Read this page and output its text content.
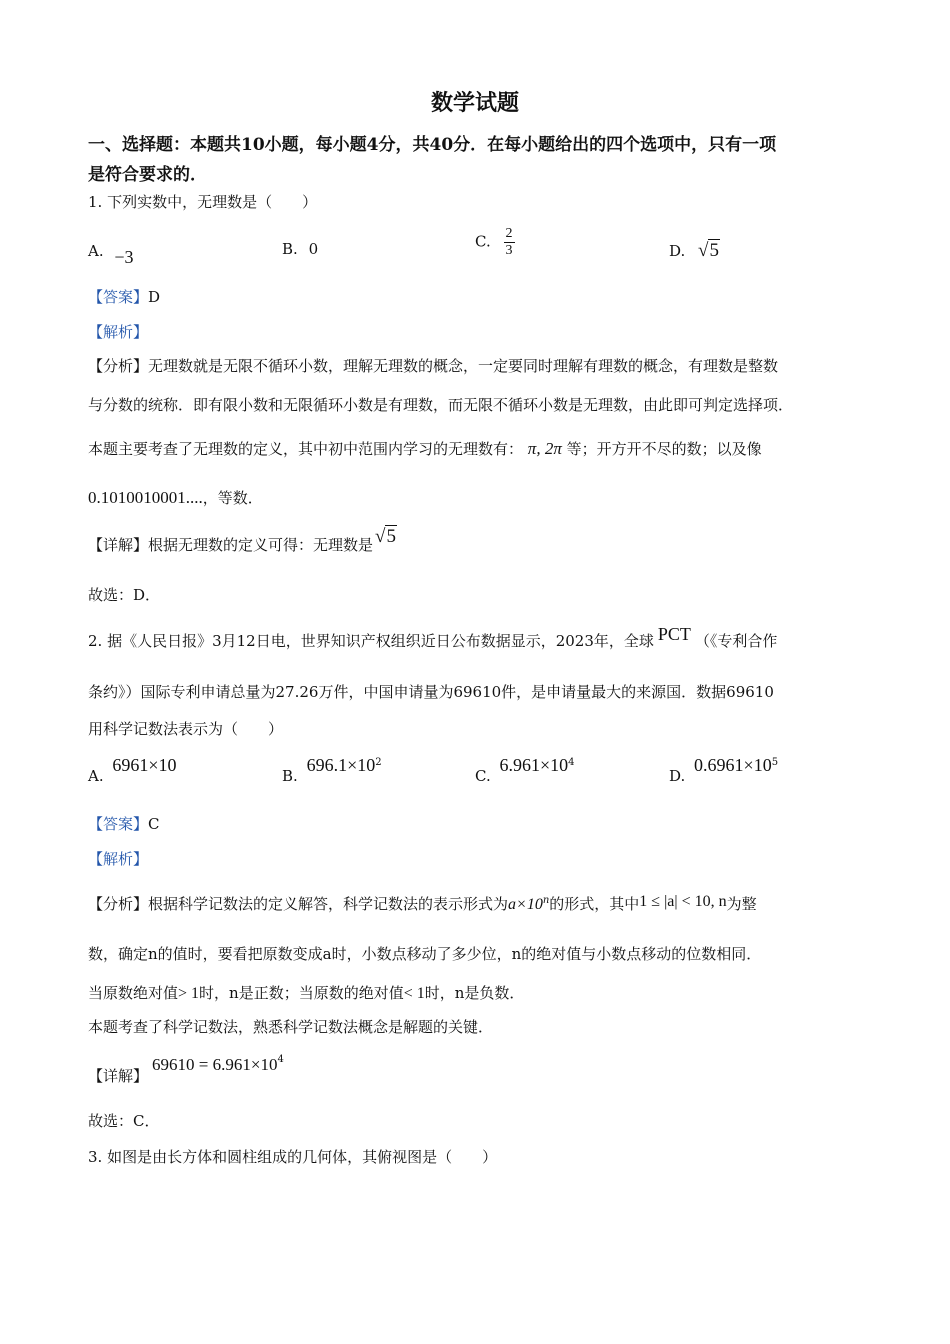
数学试题
一、选择题：本题共10小题，每小题4分，共40分．在每小题给出的四个选项中，只有一项
是符合要求的．
1. 下列实数中，无理数是（　　）
A. −3	B. 0	C. $\frac{2}{3}$	D. √5
【答案】D
【解析】
【分析】无理数就是无限不循环小数，理解无理数的概念，一定要同时理解有理数的概念，有理数是整数
与分数的统称．即有限小数和无限循环小数是有理数，而无限不循环小数是无理数，由此即可判定选择项．
本题主要考查了无理数的定义，其中初中范围内学习的无理数有： π, 2π 等；开方开不尽的数；以及像
0.1010010001....，等数．
【详解】根据无理数的定义可得：无理数是 √5
故选：D．
2. 据《人民日报》3月12日电，世界知识产权组织近日公布数据显示，2023年，全球 PCT （《专利合作
条约》）国际专利申请总量为27.26万件，中国申请量为69610件，是申请量最大的来源国．数据69610
用科学记数法表示为（　　）
A. 6961×10
B. $696.1\times 10^2$
C. $6.961\times 10^4$
D. $0.6961\times 10^5$
【答案】C
【解析】
【分析】根据科学记数法的定义解答，科学记数法的表示形式为$a\times 10^n$的形式，其中1 ≤ |a| < 10, n为整
数，确定n的值时，要看把原数变成a时，小数点移动了多少位，n的绝对值与小数点移动的位数相同．
当原数绝对值> 1时，n是正数；当原数的绝对值< 1时，n是负数．
本题考查了科学记数法，熟悉科学记数法概念是解题的关键．
【详解】$69610 = 6.961\times 10^4$
故选：C．
3. 如图是由长方体和圆柱组成的几何体，其俯视图是（　　）
